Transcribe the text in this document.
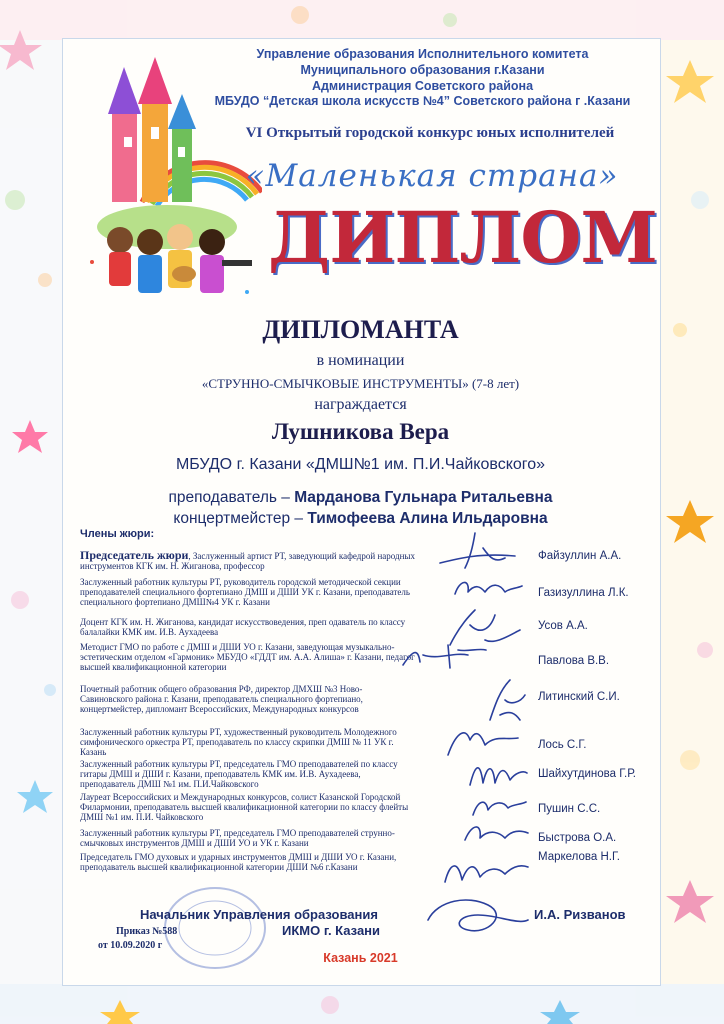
Управление образования Исполнительного комитета
Муниципального образования г.Казани
Администрация Советского района
МБУДО “Детская школа искусств №4” Советского района г .Казани
VI Открытый городской конкурс юных исполнителей
«Маленькая страна»
ДИПЛОМ
ДИПЛОМАНТА
в номинации
«СТРУННО-СМЫЧКОВЫЕ ИНСТРУМЕНТЫ» (7-8 лет)
награждается
Лушникова Вера
МБУДО г. Казани «ДМШ№1 им. П.И.Чайковского»
преподаватель – Марданова Гульнара Ритальевна
концертмейстер – Тимофеева Алина Ильдаровна
Члены жюри:
Председатель жюри, Заслуженный артист РТ, заведующий кафедрой народных инструментов КГК им. Н. Жиганова, профессор
Заслуженный работник культуры РТ, руководитель городской методической секции преподавателей специального фортепиано ДМШ и ДШИ УК г. Казани, преподаватель специального фортепиано ДМШ№4 УК г. Казани
Доцент КГК им. Н. Жиганова, кандидат искусствоведения, преп одаватель по классу балалайки КМК им. И.В. Аухадеева
Методист ГМО по работе с ДМШ и ДШИ УО г. Казани, заведующая музыкально-эстетическим отделом «Гармоник» МБУДО «ГДДТ им. А.А. Алиша» г. Казани, педагог высшей квалификационной категории
Почетный работник общего образования РФ, директор ДМХШ №3 Ново- Савиновского района г. Казани, преподаватель специального фортепиано, концертмейстер, дипломант Всероссийских, Международных конкурсов
Заслуженный работник культуры РТ, художественный руководитель Молодежного симфонического оркестра РТ, преподаватель по классу скрипки ДМШ № 11 УК г. Казань
Заслуженный работник культуры РТ, председатель ГМО преподавателей по классу гитары ДМШ и ДШИ г. Казани, преподаватель КМК им. И.В. Аухадеева, преподаватель ДМШ №1 им. П.И.Чайковского
Лауреат Всероссийских и Международных конкурсов, солист Казанской Городской Филармонии, преподаватель высшей квалификационной категории по классу флейты ДМШ №1 им. П.И. Чайковского
Заслуженный работник культуры РТ, председатель ГМО преподавателей струнно-смычковых инструментов ДМШ и ДШИ УО и УК г. Казани
Председатель ГМО духовых и ударных инструментов ДМШ и ДШИ УО г. Казани, преподаватель высшей квалификационной категории ДШИ №6 г.Казани
Файзуллин А.А.
Газизуллина Л.К.
Усов А.А.
Павлова В.В.
Литинский С.И.
Лось С.Г.
Шайхутдинова Г.Р.
Пушин С.С.
Быстрова О.А.
Маркелова Н.Г.
Начальник Управления образования
ИКМО г. Казани
И.А. Ризванов
Приказ №588
от 10.09.2020 г
Казань 2021
